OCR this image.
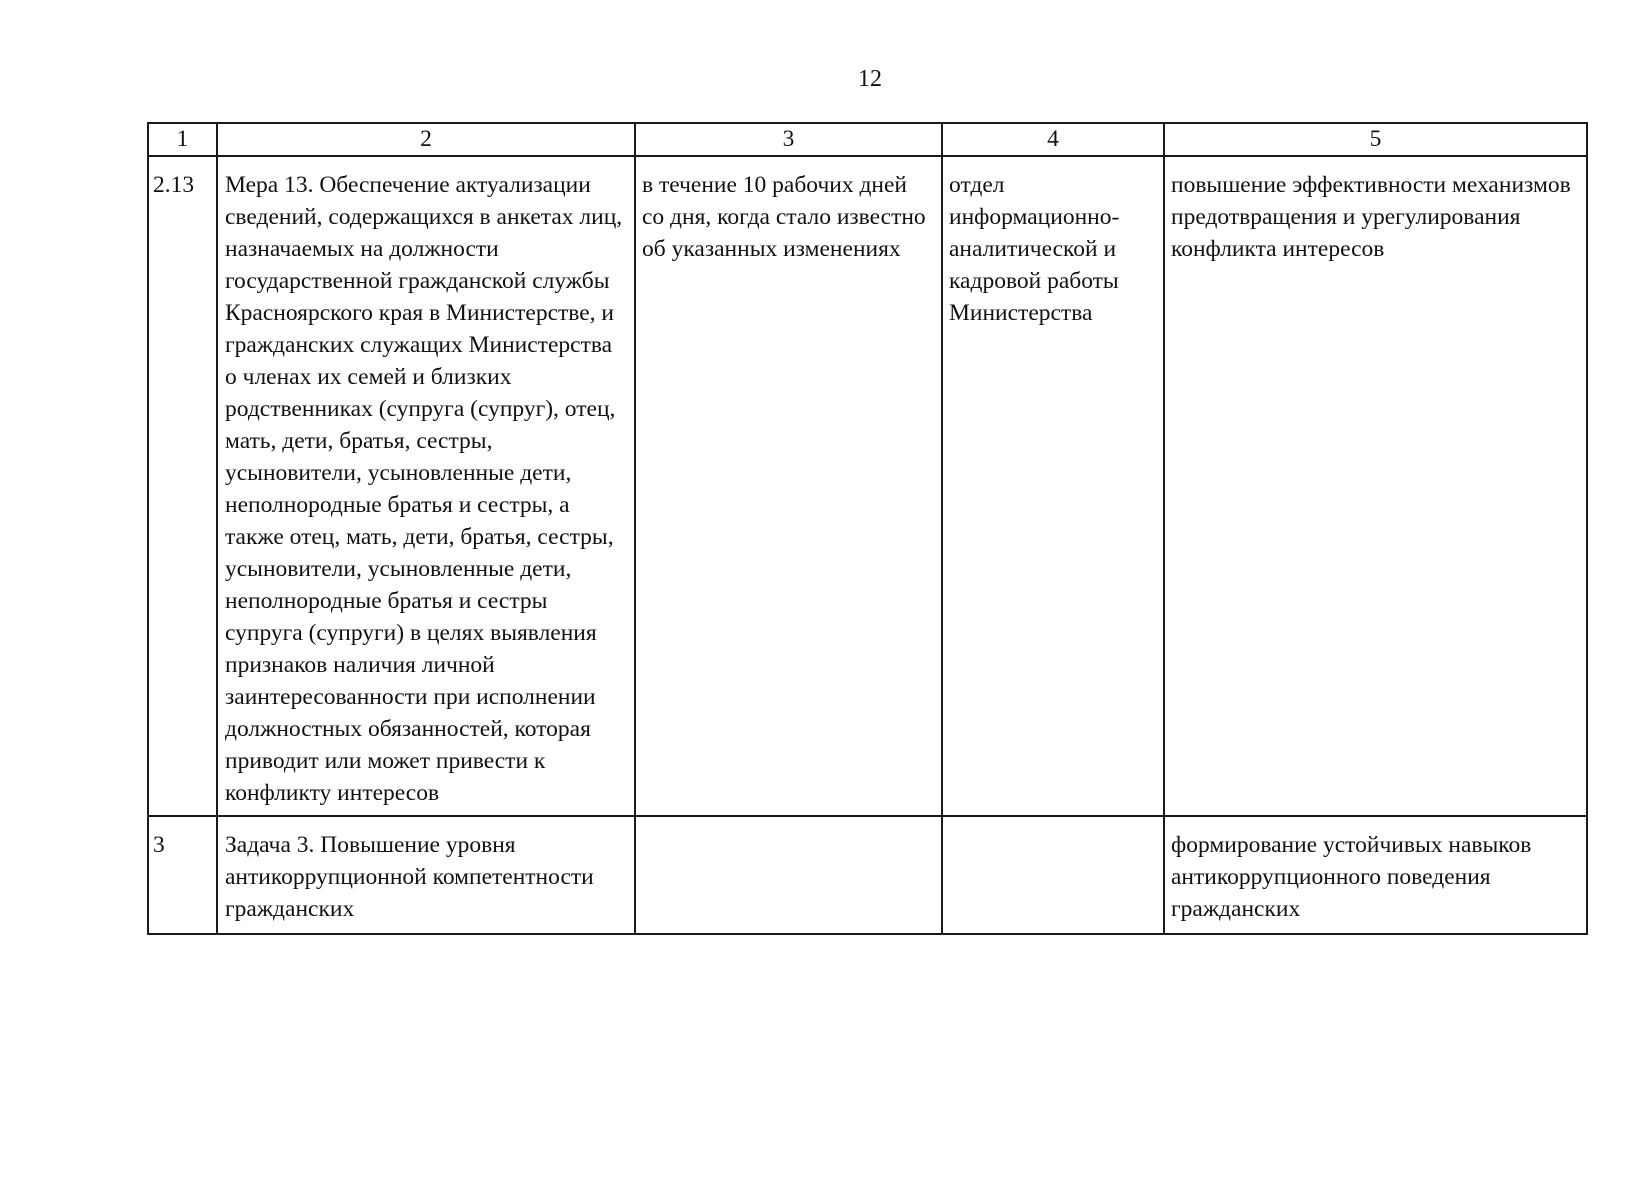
12
1	2	3	4	5
2.13	Мера 13. Обеспечение актуализации сведений, содержащихся в анкетах лиц, назначаемых на должности государственной гражданской службы Красноярского края в Министерстве, и гражданских служащих Министерства о членах их семей и близких родственниках (супруга (супруг), отец, мать, дети, братья, сестры, усыновители, усыновленные дети, неполнородные братья и сестры, а также отец, мать, дети, братья, сестры, усыновители, усыновленные дети, неполнородные братья и сестры супруга (супруги) в целях выявления признаков наличия личной заинтересованности при исполнении должностных обязанностей, которая приводит или может привести к конфликту интересов	в течение 10 рабочих дней со дня, когда стало известно об указанных изменениях	отдел информационно-аналитической и кадровой работы Министерства	повышение эффективности механизмов предотвращения и урегулирования конфликта интересов

3	Задача 3. Повышение уровня антикоррупционной компетентности гражданских			формирование устойчивых навыков антикоррупционного поведения гражданских
